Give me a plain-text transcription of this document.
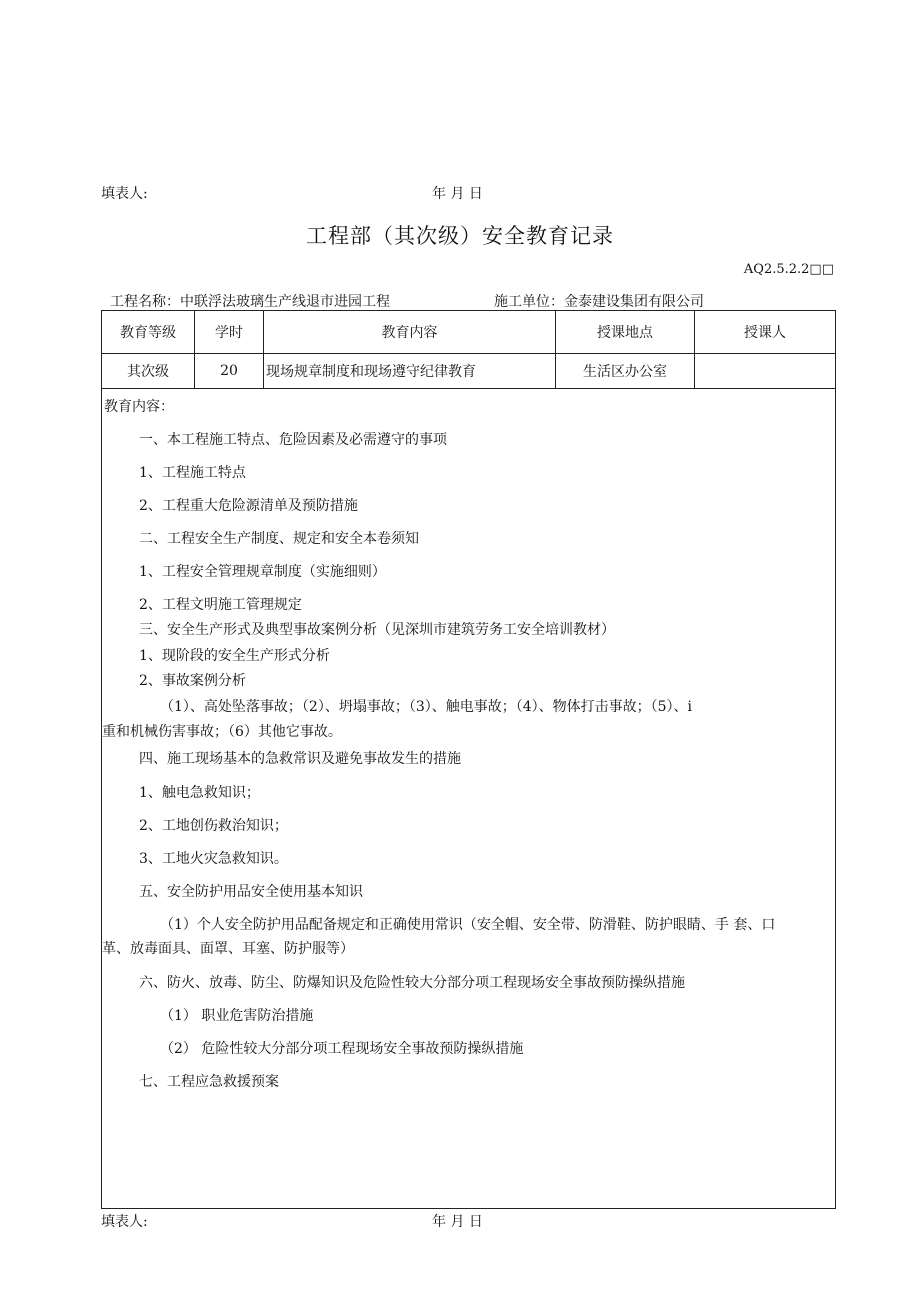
填表人:	年 月 日
工程部（其次级）安全教育记录
AQ2.5.2.2□□
工程名称：中联浮法玻璃生产线退市进园工程	施工单位：金泰建设集团有限公司
教育等级	学时	教育内容	授课地点	授课人
其次级	20	现场规章制度和现场遵守纪律教育	生活区办公室	
教育内容：
一、本工程施工特点、危险因素及必需遵守的事项
1、工程施工特点
2、工程重大危险源清单及预防措施
二、工程安全生产制度、规定和安全本卷须知
1、工程安全管理规章制度（实施细则）
2、工程文明施工管理规定
三、安全生产形式及典型事故案例分析（见深圳市建筑劳务工安全培训教材）
1、现阶段的安全生产形式分析
2、事故案例分析
（1）、高处坠落事故；（2）、坍塌事故；（3）、触电事故；（4）、物体打击事故；（5）、i
重和机械伤害事故；（6）其他它事故。
四、施工现场基本的急救常识及避免事故发生的措施
1、触电急救知识；
2、工地创伤救治知识；
3、工地火灾急救知识。
五、安全防护用品安全使用基本知识
（1）个人安全防护用品配备规定和正确使用常识（安全帽、安全带、防滑鞋、防护眼睛、手 套、口
革、放毒面具、面罩、耳塞、防护服等）
六、防火、放毒、防尘、防爆知识及危险性较大分部分项工程现场安全事故预防操纵措施
（1） 职业危害防治措施
（2） 危险性较大分部分项工程现场安全事故预防操纵措施
七、工程应急救援预案
填表人:	年 月 日
